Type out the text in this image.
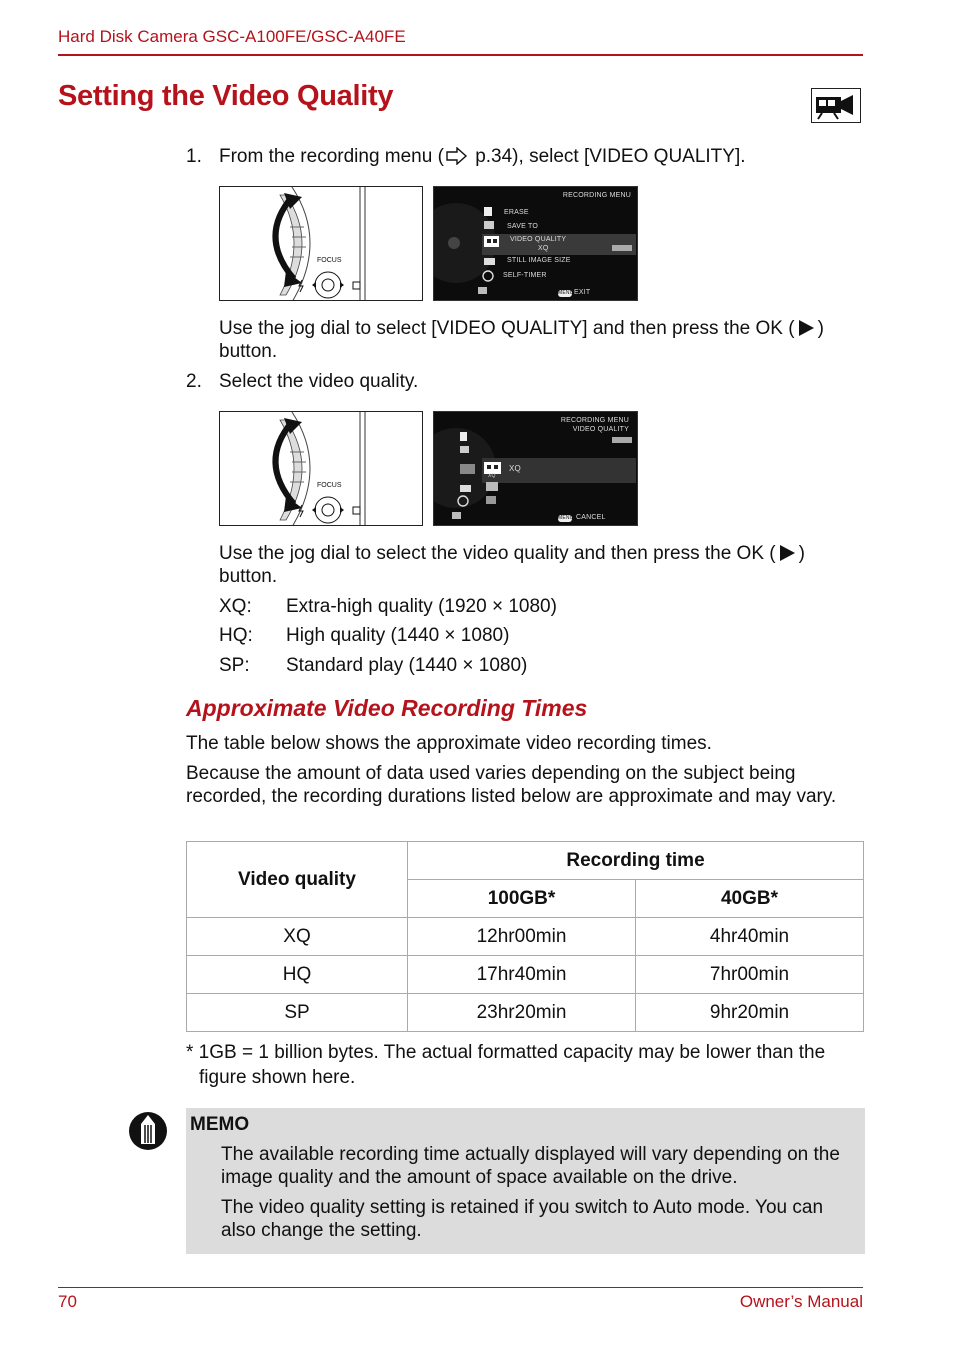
Hard Disk Camera GSC-A100FE/GSC-A40FE
Setting the Video Quality
1. From the recording menu ( p.34), select [VIDEO QUALITY].
FOCUS
RECORDING MENU
ERASE
SAVE TO
VIDEO QUALITY
XQ
STILL IMAGE SIZE
SELF-TIMER
MENU EXIT
Use the jog dial to select [VIDEO QUALITY] and then press the OK ( )
button.
2. Select the video quality.
FOCUS
RECORDING MENU
VIDEO QUALITY
XQ
XQ
MENU CANCEL
Use the jog dial to select the video quality and then press the OK ( )
button.
XQ: Extra-high quality (1920 × 1080)
HQ: High quality (1440 × 1080)
SP: Standard play (1440 × 1080)
Approximate Video Recording Times
The table below shows the approximate video recording times.
Because the amount of data used varies depending on the subject being recorded, the recording durations listed below are approximate and may vary.
Video quality	Recording time	
	100GB*	40GB*
XQ	12hr00min	4hr40min
HQ	17hr40min	7hr00min
SP	23hr20min	9hr20min
* 1GB = 1 billion bytes. The actual formatted capacity may be lower than the
figure shown here.
MEMO
The available recording time actually displayed will vary depending on the image quality and the amount of space available on the drive.
The video quality setting is retained if you switch to Auto mode. You can also change the setting.
70	Owner’s Manual
